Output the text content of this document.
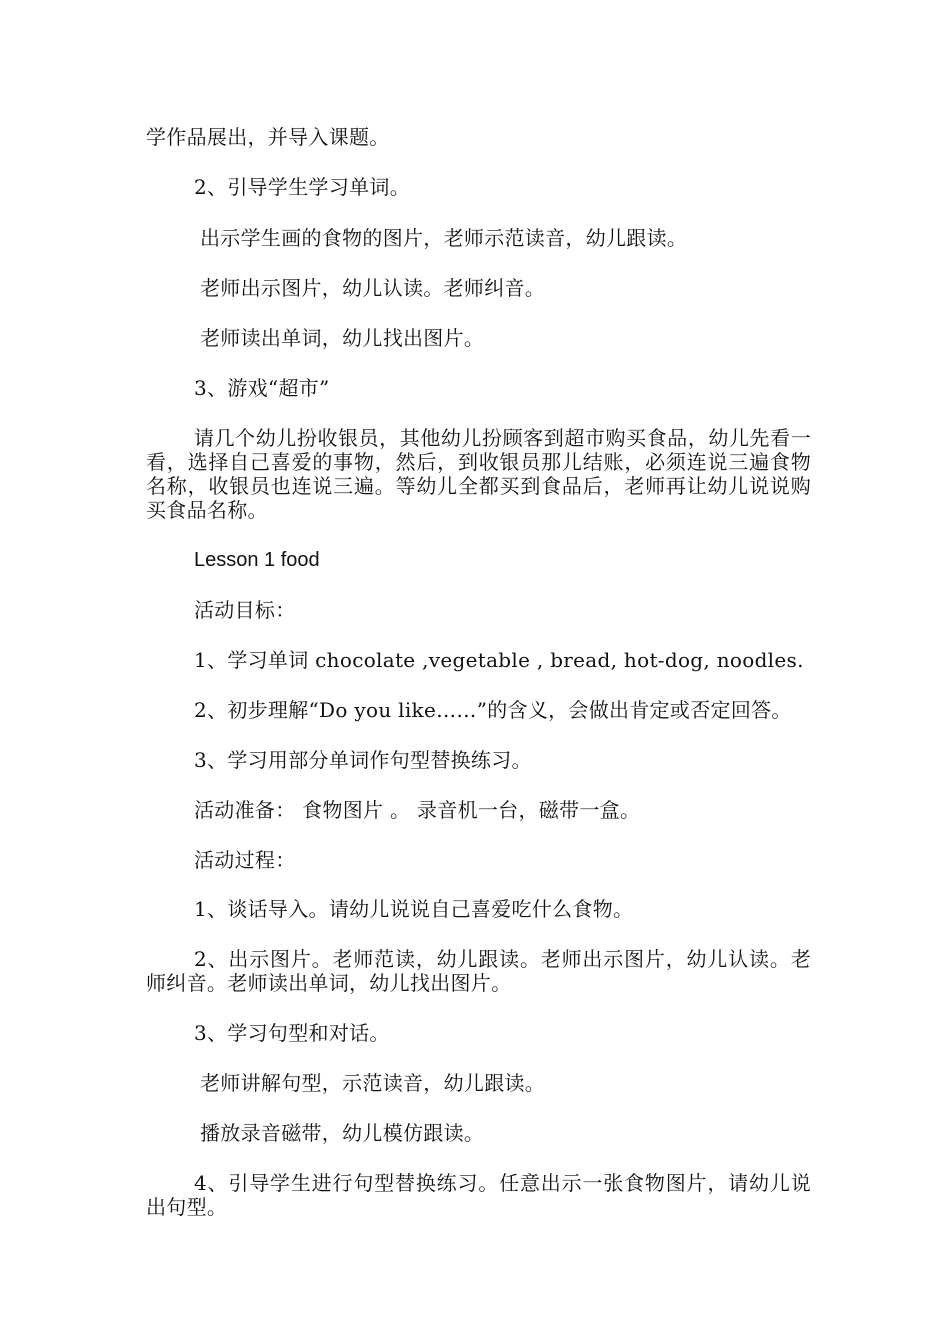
学作品展出，并导入课题。

2、引导学生学习单词。

出示学生画的食物的图片，老师示范读音，幼儿跟读。

老师出示图片，幼儿认读。老师纠音。

老师读出单词，幼儿找出图片。

3、游戏“超市”

请几个幼儿扮收银员，其他幼儿扮顾客到超市购买食品，幼儿先看一看，选择自己喜爱的事物，然后，到收银员那儿结账，必须连说三遍食物名称，收银员也连说三遍。等幼儿全都买到食品后，老师再让幼儿说说购买食品名称。

Lesson 1 food

活动目标：

1、学习单词 chocolate ,vegetable , bread, hot-dog, noodles.

2、初步理解“Do you like……”的含义，会做出肯定或否定回答。

3、学习用部分单词作句型替换练习。

活动准备： 食物图片 。 录音机一台，磁带一盒。

活动过程：

1、谈话导入。请幼儿说说自己喜爱吃什么食物。

2、出示图片。老师范读，幼儿跟读。老师出示图片，幼儿认读。老师纠音。老师读出单词，幼儿找出图片。

3、学习句型和对话。

老师讲解句型，示范读音，幼儿跟读。

播放录音磁带，幼儿模仿跟读。

4、引导学生进行句型替换练习。任意出示一张食物图片，请幼儿说出句型。
